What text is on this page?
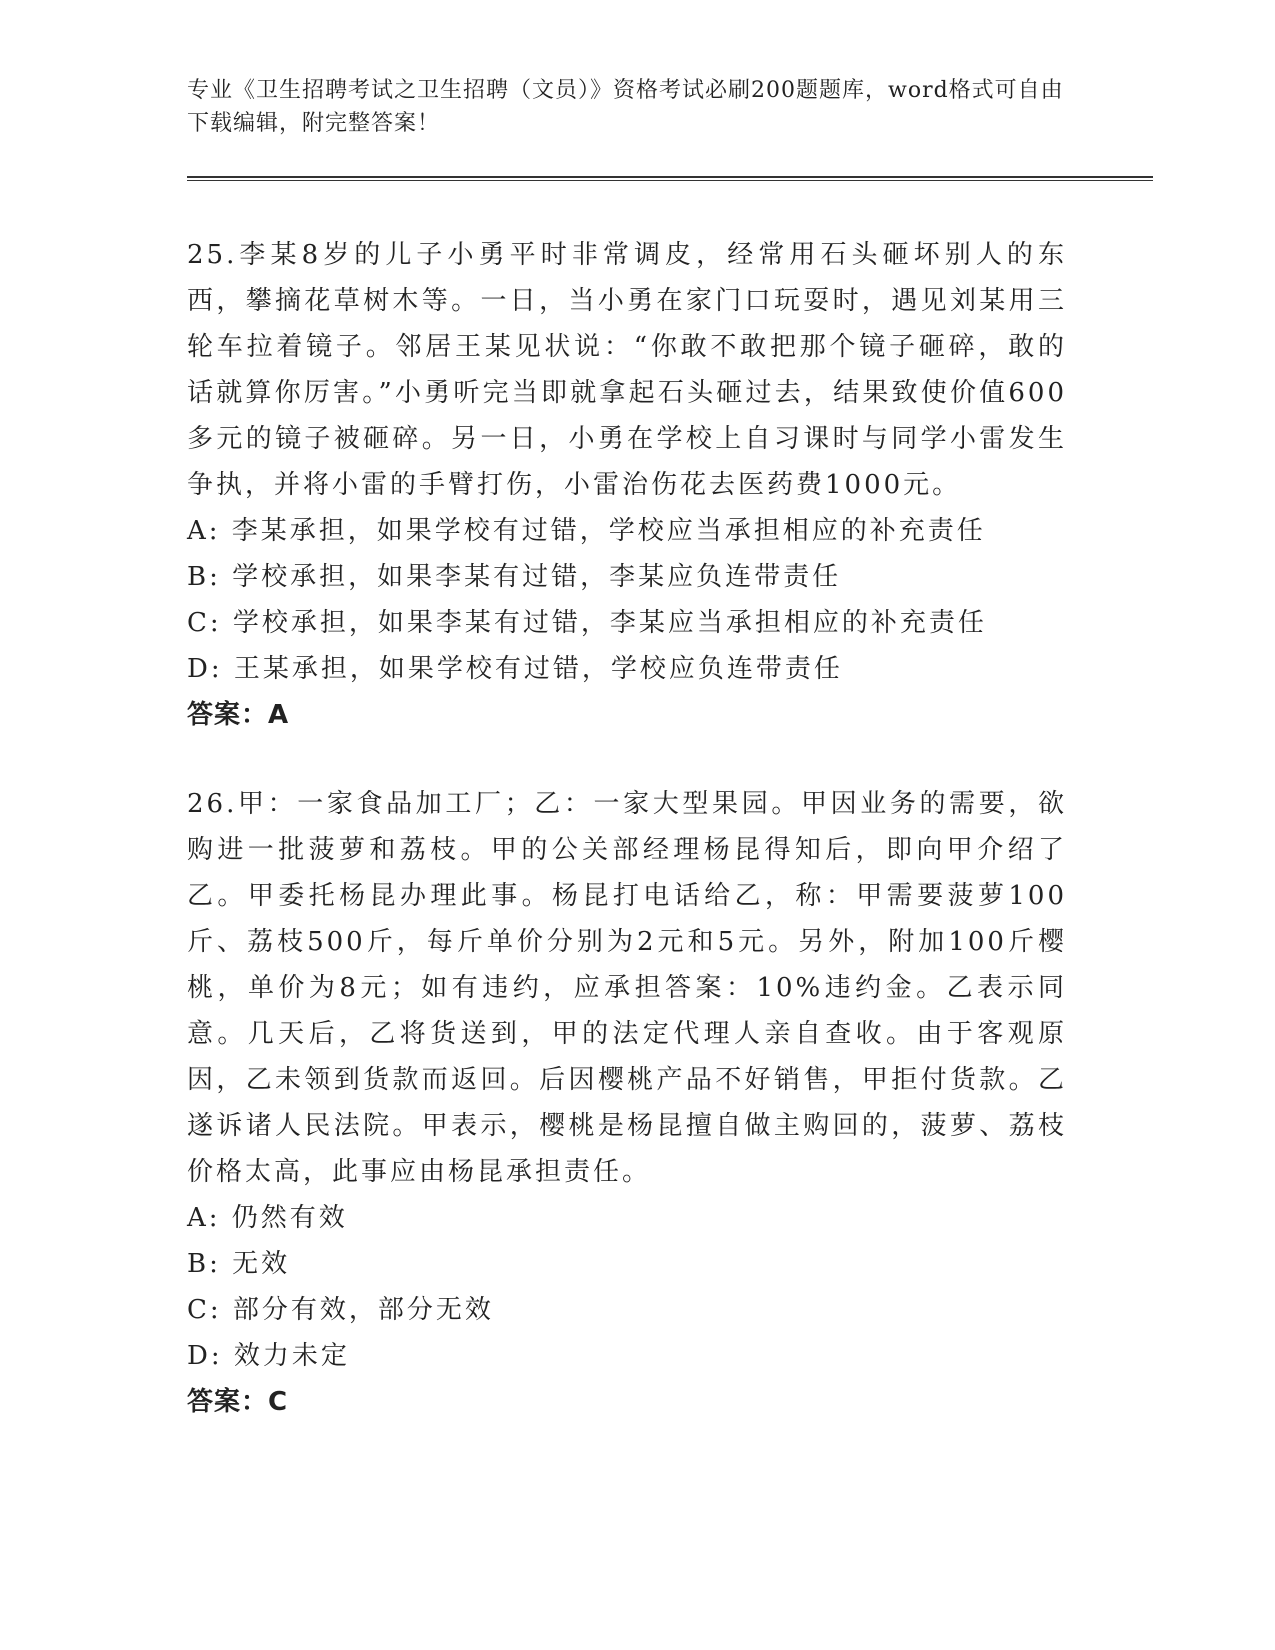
专业《卫生招聘考试之卫生招聘（文员）》资格考试必刷200题题库，word格式可自由下载编辑，附完整答案！

25.李某8岁的儿子小勇平时非常调皮，经常用石头砸坏别人的东西，攀摘花草树木等。一日，当小勇在家门口玩耍时，遇见刘某用三轮车拉着镜子。邻居王某见状说：“你敢不敢把那个镜子砸碎，敢的话就算你厉害。”小勇听完当即就拿起石头砸过去，结果致使价值600多元的镜子被砸碎。另一日，小勇在学校上自习课时与同学小雷发生争执，并将小雷的手臂打伤，小雷治伤花去医药费1000元。

A: 李某承担，如果学校有过错，学校应当承担相应的补充责任

B: 学校承担，如果李某有过错，李某应负连带责任

C: 学校承担，如果李某有过错，李某应当承担相应的补充责任

D: 王某承担，如果学校有过错，学校应负连带责任

答案：A

26.甲：一家食品加工厂；乙：一家大型果园。甲因业务的需要，欲购进一批菠萝和荔枝。甲的公关部经理杨昆得知后，即向甲介绍了乙。甲委托杨昆办理此事。杨昆打电话给乙，称：甲需要菠萝100斤、荔枝500斤，每斤单价分别为2元和5元。另外，附加100斤樱桃，单价为8元；如有违约，应承担答案：10%违约金。乙表示同意。几天后，乙将货送到，甲的法定代理人亲自查收。由于客观原因，乙未领到货款而返回。后因樱桃产品不好销售，甲拒付货款。乙遂诉诸人民法院。甲表示，樱桃是杨昆擅自做主购回的，菠萝、荔枝价格太高，此事应由杨昆承担责任。

A: 仍然有效

B: 无效

C: 部分有效，部分无效

D: 效力未定

答案：C
